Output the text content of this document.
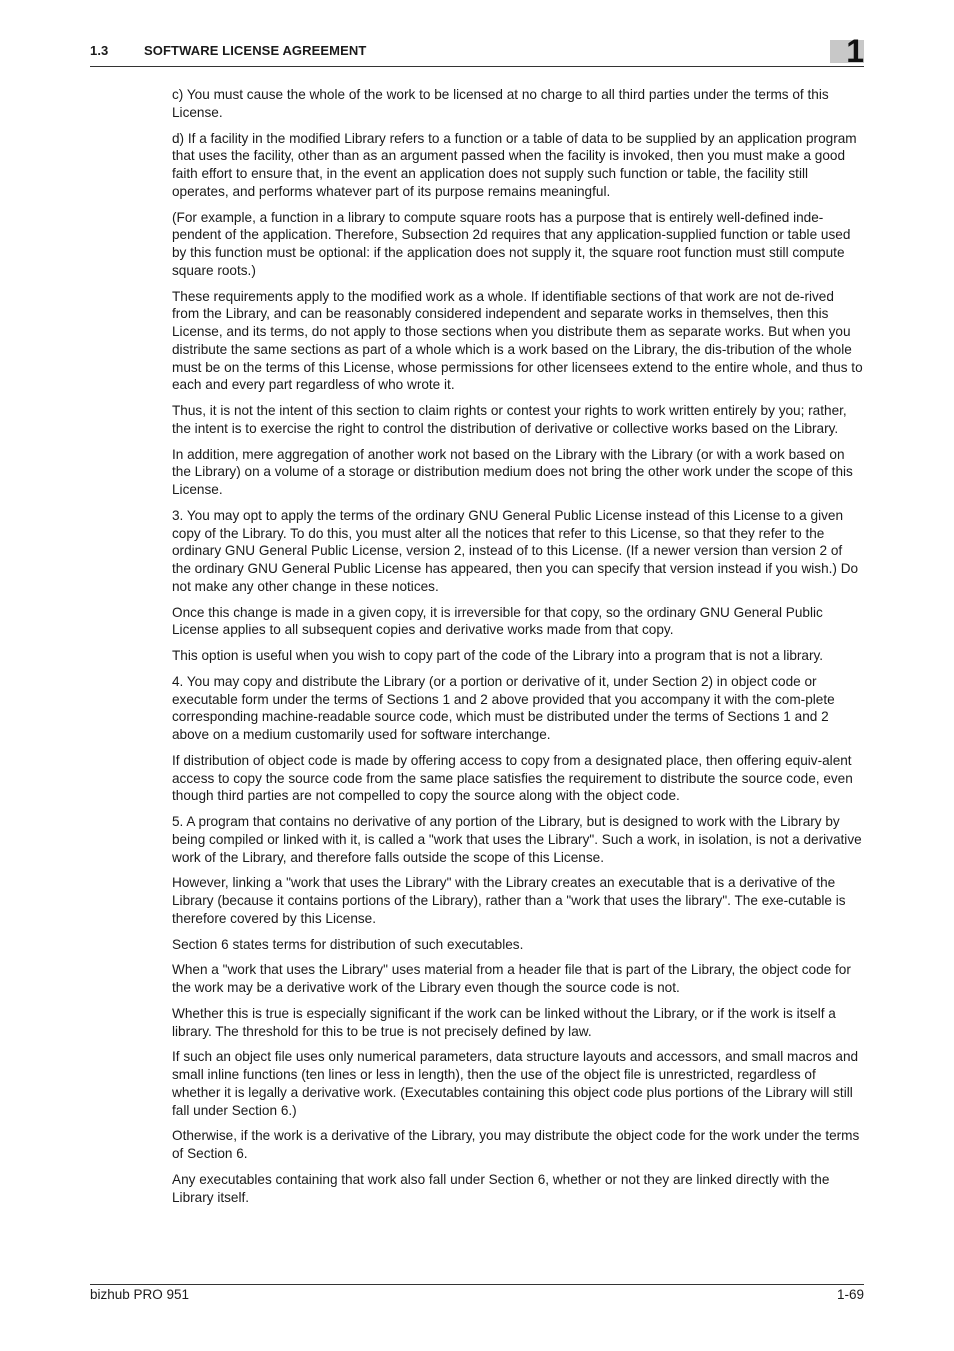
1.3	SOFTWARE LICENSE AGREEMENT	1

c) You must cause the whole of the work to be licensed at no charge to all third parties under the terms of this License.

d) If a facility in the modified Library refers to a function or a table of data to be supplied by an application program that uses the facility, other than as an argument passed when the facility is invoked, then you must make a good faith effort to ensure that, in the event an application does not supply such function or table, the facility still operates, and performs whatever part of its purpose remains meaningful.

(For example, a function in a library to compute square roots has a purpose that is entirely well-defined inde-pendent of the application. Therefore, Subsection 2d requires that any application-supplied function or table used by this function must be optional: if the application does not supply it, the square root function must still compute square roots.)

These requirements apply to the modified work as a whole. If identifiable sections of that work are not de-rived from the Library, and can be reasonably considered independent and separate works in themselves, then this License, and its terms, do not apply to those sections when you distribute them as separate works. But when you distribute the same sections as part of a whole which is a work based on the Library, the dis-tribution of the whole must be on the terms of this License, whose permissions for other licensees extend to the entire whole, and thus to each and every part regardless of who wrote it.

Thus, it is not the intent of this section to claim rights or contest your rights to work written entirely by you; rather, the intent is to exercise the right to control the distribution of derivative or collective works based on the Library.

In addition, mere aggregation of another work not based on the Library with the Library (or with a work based on the Library) on a volume of a storage or distribution medium does not bring the other work under the scope of this License.

3. You may opt to apply the terms of the ordinary GNU General Public License instead of this License to a given copy of the Library. To do this, you must alter all the notices that refer to this License, so that they refer to the ordinary GNU General Public License, version 2, instead of to this License. (If a newer version than version 2 of the ordinary GNU General Public License has appeared, then you can specify that version instead if you wish.) Do not make any other change in these notices.

Once this change is made in a given copy, it is irreversible for that copy, so the ordinary GNU General Public License applies to all subsequent copies and derivative works made from that copy.

This option is useful when you wish to copy part of the code of the Library into a program that is not a library.

4. You may copy and distribute the Library (or a portion or derivative of it, under Section 2) in object code or executable form under the terms of Sections 1 and 2 above provided that you accompany it with the com-plete corresponding machine-readable source code, which must be distributed under the terms of Sections 1 and 2 above on a medium customarily used for software interchange.

If distribution of object code is made by offering access to copy from a designated place, then offering equiv-alent access to copy the source code from the same place satisfies the requirement to distribute the source code, even though third parties are not compelled to copy the source along with the object code.

5. A program that contains no derivative of any portion of the Library, but is designed to work with the Library by being compiled or linked with it, is called a "work that uses the Library". Such a work, in isolation, is not a derivative work of the Library, and therefore falls outside the scope of this License.

However, linking a "work that uses the Library" with the Library creates an executable that is a derivative of the Library (because it contains portions of the Library), rather than a "work that uses the library". The exe-cutable is therefore covered by this License.

Section 6 states terms for distribution of such executables.

When a "work that uses the Library" uses material from a header file that is part of the Library, the object code for the work may be a derivative work of the Library even though the source code is not.

Whether this is true is especially significant if the work can be linked without the Library, or if the work is itself a library. The threshold for this to be true is not precisely defined by law.

If such an object file uses only numerical parameters, data structure layouts and accessors, and small macros and small inline functions (ten lines or less in length), then the use of the object file is unrestricted, regardless of whether it is legally a derivative work. (Executables containing this object code plus portions of the Library will still fall under Section 6.)

Otherwise, if the work is a derivative of the Library, you may distribute the object code for the work under the terms of Section 6.

Any executables containing that work also fall under Section 6, whether or not they are linked directly with the Library itself.

bizhub PRO 951	1-69
